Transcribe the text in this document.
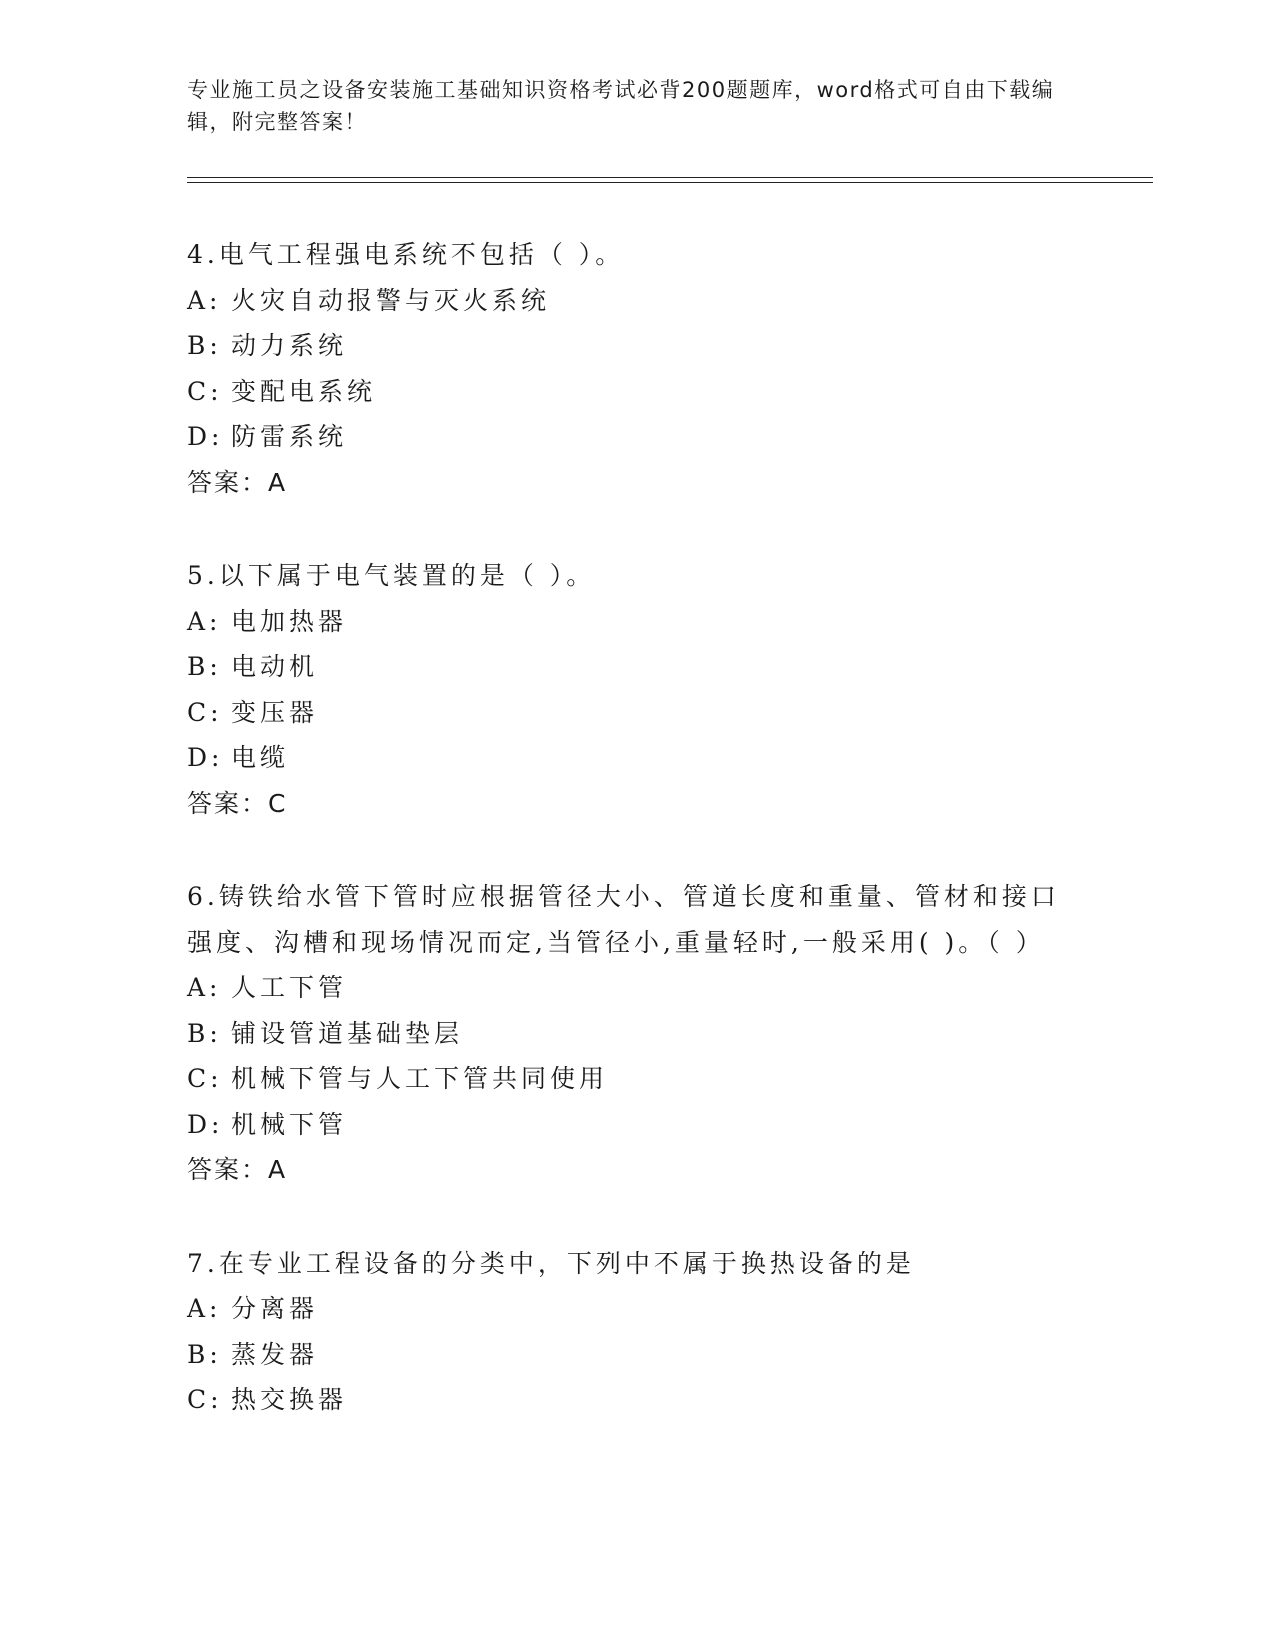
专业施工员之设备安装施工基础知识资格考试必背200题题库，word格式可自由下载编辑，附完整答案！

4.电气工程强电系统不包括（ ）。

A: 火灾自动报警与灭火系统

B: 动力系统

C: 变配电系统

D: 防雷系统

答案：A

5.以下属于电气装置的是（ ）。

A: 电加热器

B: 电动机

C: 变压器

D: 电缆

答案：C

6.铸铁给水管下管时应根据管径大小、管道长度和重量、管材和接口强度、沟槽和现场情况而定,当管径小,重量轻时,一般采用( )。（ ）

A: 人工下管

B: 铺设管道基础垫层

C: 机械下管与人工下管共同使用

D: 机械下管

答案：A

7.在专业工程设备的分类中，下列中不属于换热设备的是

A: 分离器

B: 蒸发器

C: 热交换器
